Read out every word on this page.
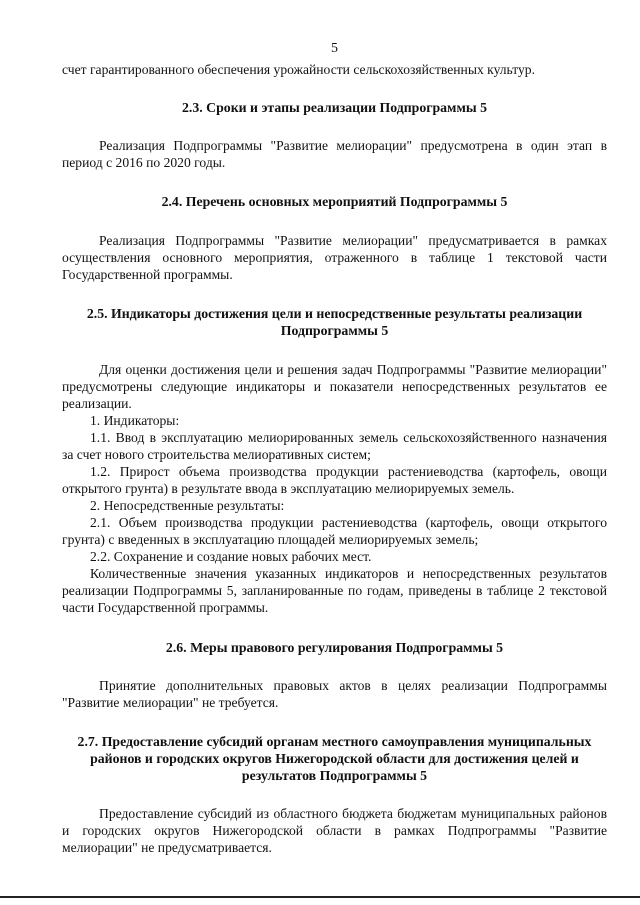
5

счет гарантированного обеспечения урожайности сельскохозяйственных культур.

2.3. Сроки и этапы реализации Подпрограммы 5

Реализация Подпрограммы "Развитие мелиорации" предусмотрена в один этап в период с 2016 по 2020 годы.

2.4. Перечень основных мероприятий Подпрограммы 5

Реализация Подпрограммы "Развитие мелиорации" предусматривается в рамках осуществления основного мероприятия, отраженного в таблице 1 текстовой части Государственной программы.

2.5. Индикаторы достижения цели и непосредственные результаты реализации Подпрограммы 5

Для оценки достижения цели и решения задач Подпрограммы "Развитие мелиорации" предусмотрены следующие индикаторы и показатели непосредственных результатов ее реализации.

1. Индикаторы:

1.1. Ввод в эксплуатацию мелиорированных земель сельскохозяйственного назначения за счет нового строительства мелиоративных систем;

1.2. Прирост объема производства продукции растениеводства (картофель, овощи открытого грунта) в результате ввода в эксплуатацию мелиорируемых земель.

2. Непосредственные результаты:

2.1. Объем производства продукции растениеводства (картофель, овощи открытого грунта) с введенных в эксплуатацию площадей мелиорируемых земель;

2.2. Сохранение и создание новых рабочих мест.

Количественные значения указанных индикаторов и непосредственных результатов реализации Подпрограммы 5, запланированные по годам, приведены в таблице 2 текстовой части Государственной программы.

2.6. Меры правового регулирования Подпрограммы 5

Принятие дополнительных правовых актов в целях реализации Подпрограммы "Развитие мелиорации" не требуется.

2.7. Предоставление субсидий органам местного самоуправления муниципальных районов и городских округов Нижегородской области для достижения целей и результатов Подпрограммы 5

Предоставление субсидий из областного бюджета бюджетам муниципальных районов и городских округов Нижегородской области в рамках Подпрограммы "Развитие мелиорации" не предусматривается.
